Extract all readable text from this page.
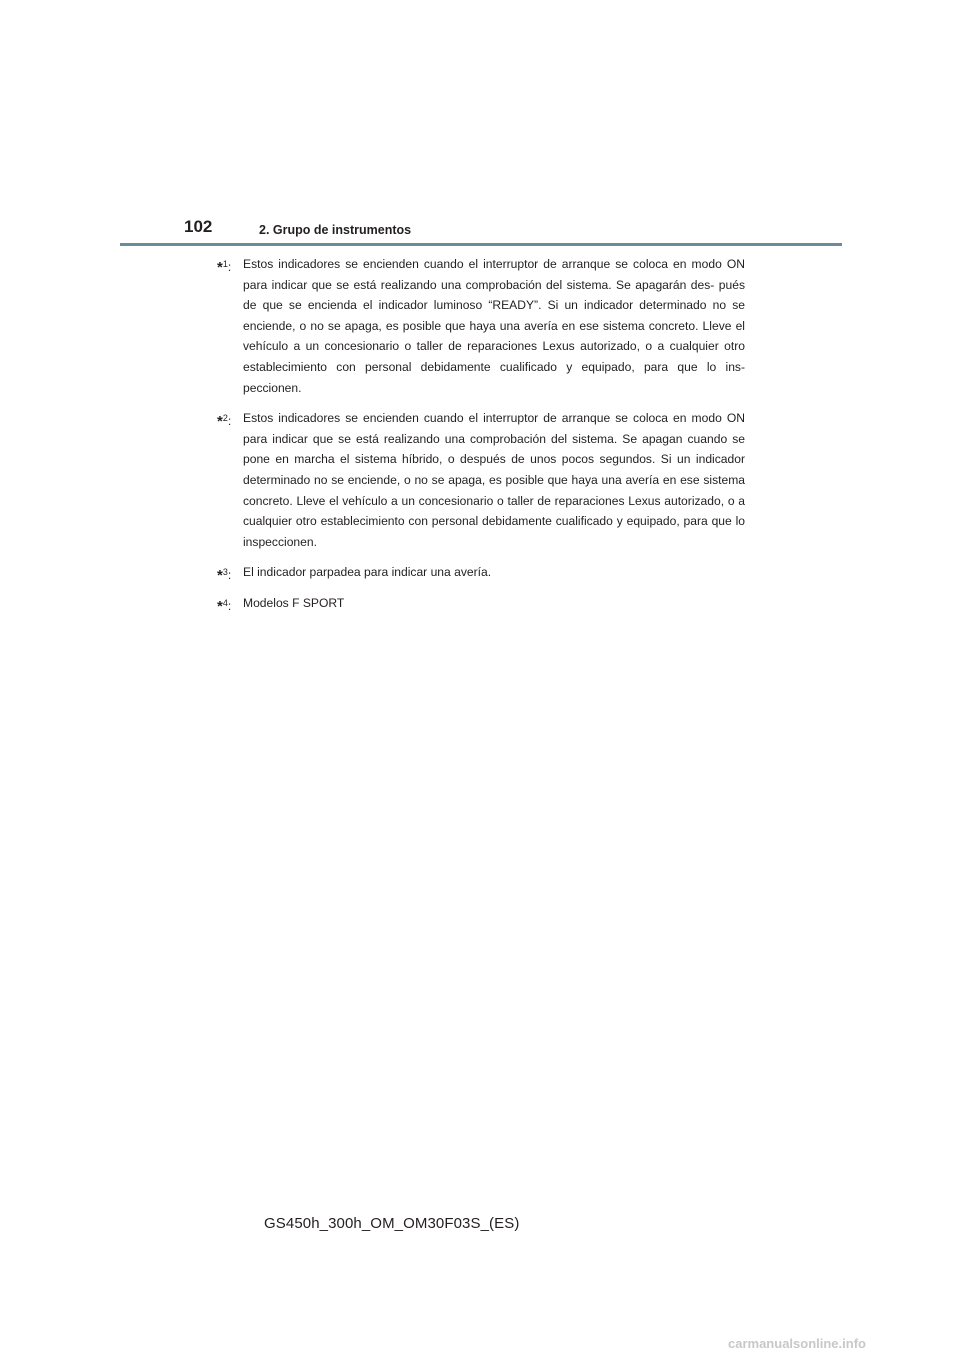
102	2. Grupo de instrumentos
*$^1$: Estos indicadores se encienden cuando el interruptor de arranque se coloca en modo ON para indicar que se está realizando una comprobación del sistema. Se apagarán des- pués de que se encienda el indicador luminoso “READY”. Si un indicador determinado no se enciende, o no se apaga, es posible que haya una avería en ese sistema concreto. Lleve el vehículo a un concesionario o taller de reparaciones Lexus autorizado, o a cualquier otro establecimiento con personal debidamente cualificado y equipado, para que lo ins- peccionen.
*$^2$: Estos indicadores se encienden cuando el interruptor de arranque se coloca en modo ON para indicar que se está realizando una comprobación del sistema. Se apagan cuando se pone en marcha el sistema híbrido, o después de unos pocos segundos. Si un indicador determinado no se enciende, o no se apaga, es posible que haya una avería en ese sistema concreto. Lleve el vehículo a un concesionario o taller de reparaciones Lexus autorizado, o a cualquier otro establecimiento con personal debidamente cualificado y equipado, para que lo inspeccionen.
*$^3$: El indicador parpadea para indicar una avería.
*$^4$: Modelos F SPORT
GS450h_300h_OM_OM30F03S_(ES)
carmanualsonline.info
